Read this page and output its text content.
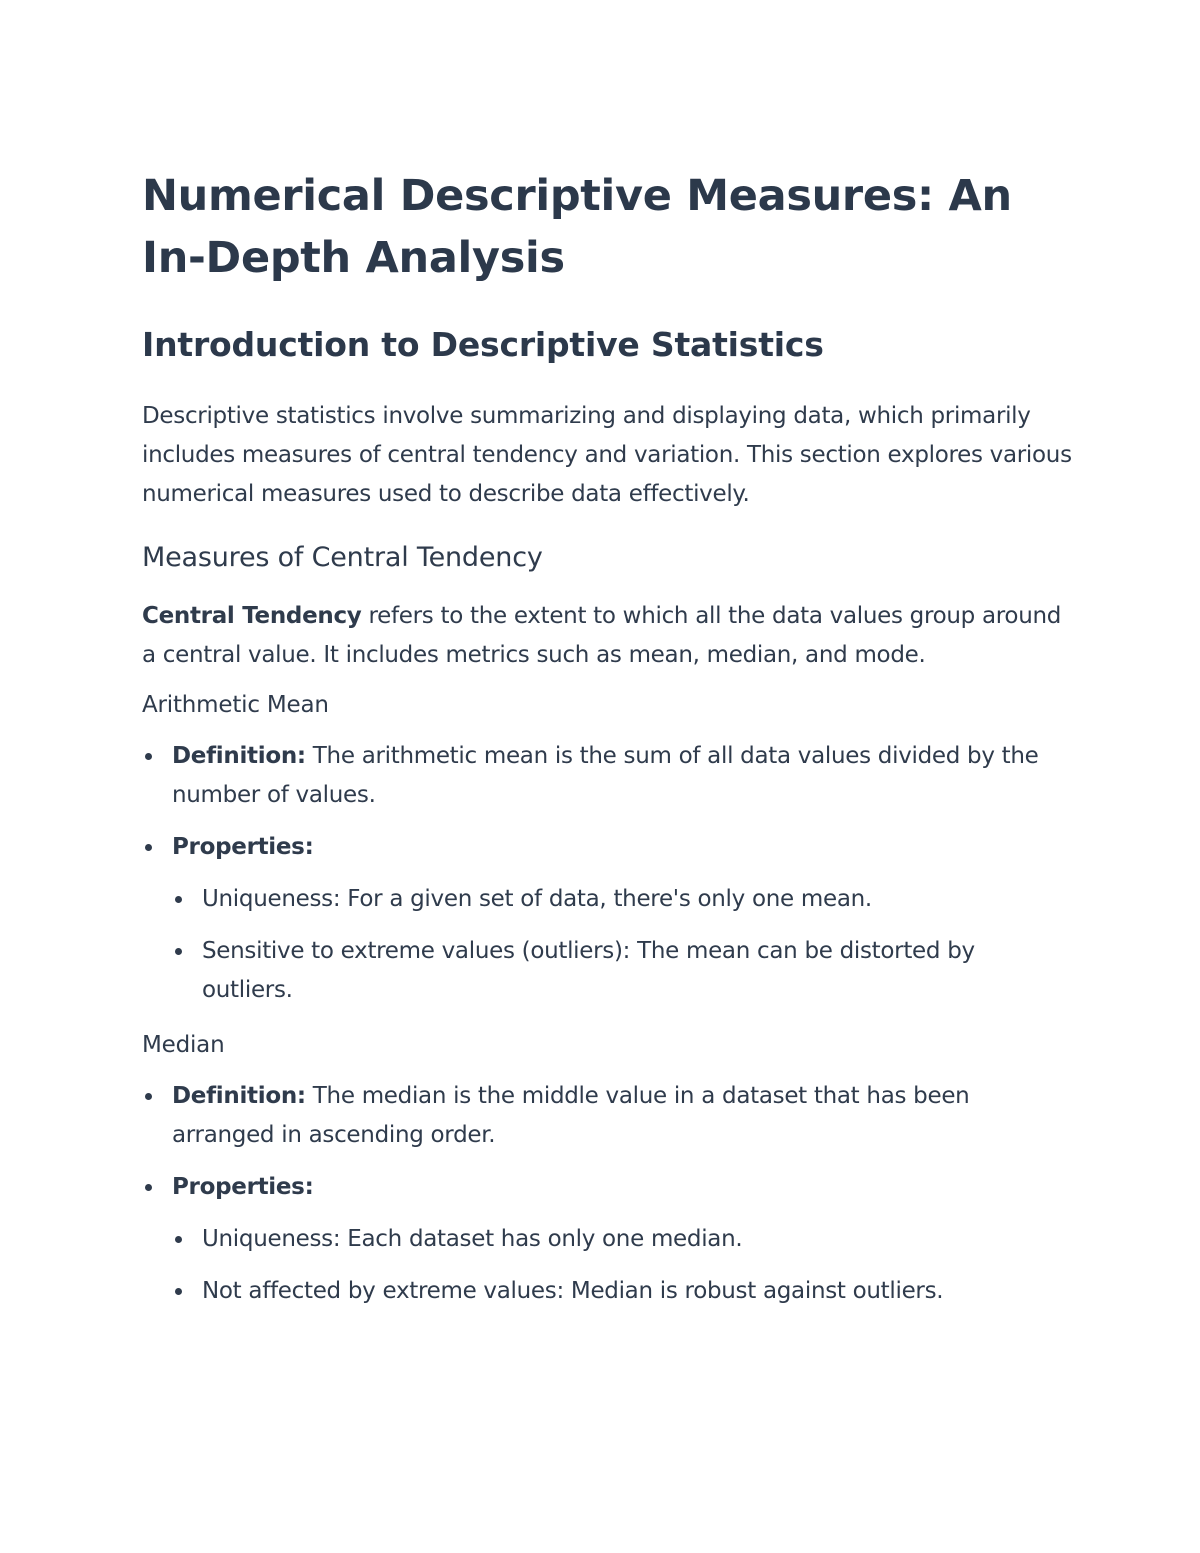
Numerical Descriptive Measures: An In-Depth Analysis
Introduction to Descriptive Statistics

Descriptive statistics involve summarizing and displaying data, which primarily includes measures of central tendency and variation. This section explores various numerical measures used to describe data effectively.

Measures of Central Tendency

Central Tendency refers to the extent to which all the data values group around a central value. It includes metrics such as mean, median, and mode.

Arithmetic Mean
Definition: The arithmetic mean is the sum of all data values divided by the number of values.
Properties:
Uniqueness: For a given set of data, there's only one mean.
Sensitive to extreme values (outliers): The mean can be distorted by outliers.
Median
Definition: The median is the middle value in a dataset that has been arranged in ascending order.
Properties:
Uniqueness: Each dataset has only one median.
Not affected by extreme values: Median is robust against outliers.
